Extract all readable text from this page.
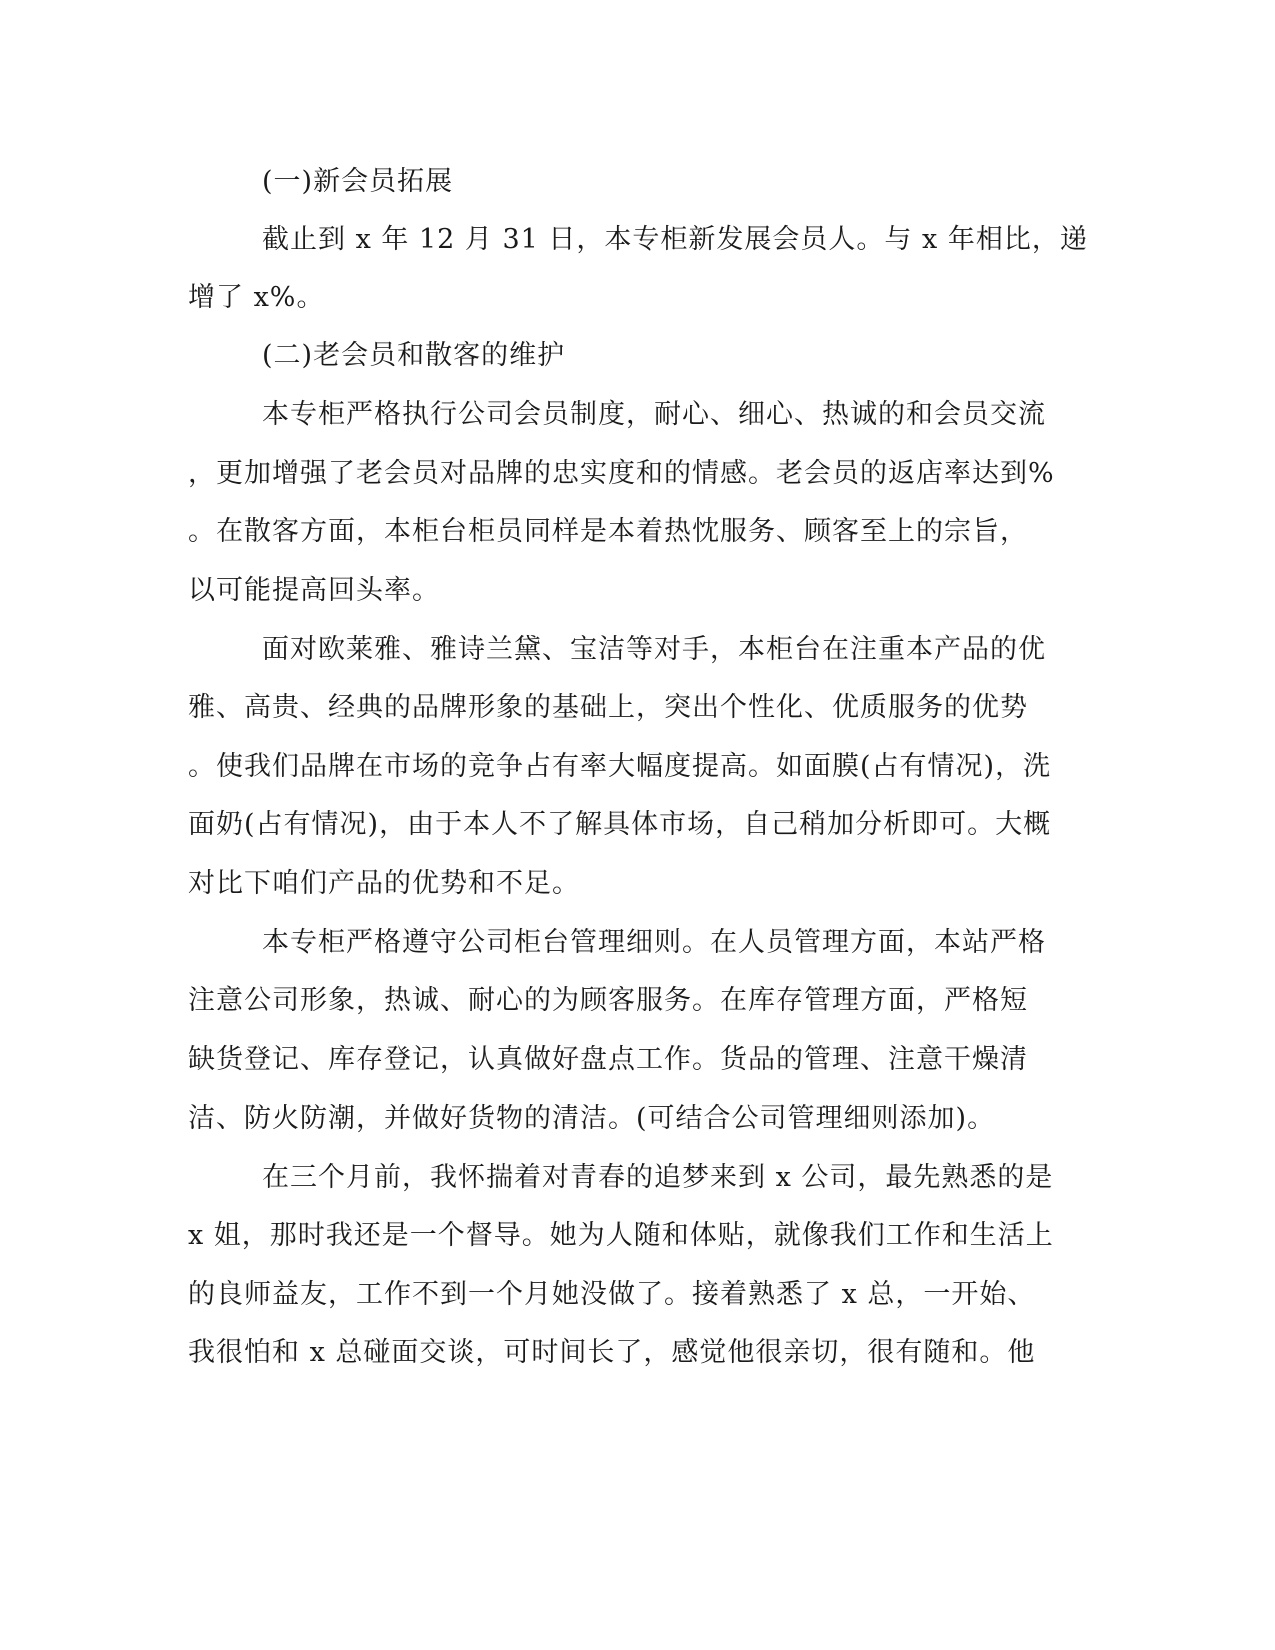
(一)新会员拓展

截止到 x 年 12 月 31 日，本专柜新发展会员人。与 x 年相比，递

增了 x%。

(二)老会员和散客的维护

本专柜严格执行公司会员制度，耐心、细心、热诚的和会员交流

，更加增强了老会员对品牌的忠实度和的情感。老会员的返店率达到%

。在散客方面，本柜台柜员同样是本着热忱服务、顾客至上的宗旨，

以可能提高回头率。

面对欧莱雅、雅诗兰黛、宝洁等对手，本柜台在注重本产品的优

雅、高贵、经典的品牌形象的基础上，突出个性化、优质服务的优势

。使我们品牌在市场的竞争占有率大幅度提高。如面膜(占有情况)，洗

面奶(占有情况)，由于本人不了解具体市场，自己稍加分析即可。大概

对比下咱们产品的优势和不足。

本专柜严格遵守公司柜台管理细则。在人员管理方面，本站严格

注意公司形象，热诚、耐心的为顾客服务。在库存管理方面，严格短

缺货登记、库存登记，认真做好盘点工作。货品的管理、注意干燥清

洁、防火防潮，并做好货物的清洁。(可结合公司管理细则添加)。

在三个月前，我怀揣着对青春的追梦来到 x 公司，最先熟悉的是

x 姐，那时我还是一个督导。她为人随和体贴，就像我们工作和生活上

的良师益友，工作不到一个月她没做了。接着熟悉了 x 总，一开始、

我很怕和 x 总碰面交谈，可时间长了，感觉他很亲切，很有随和。他
